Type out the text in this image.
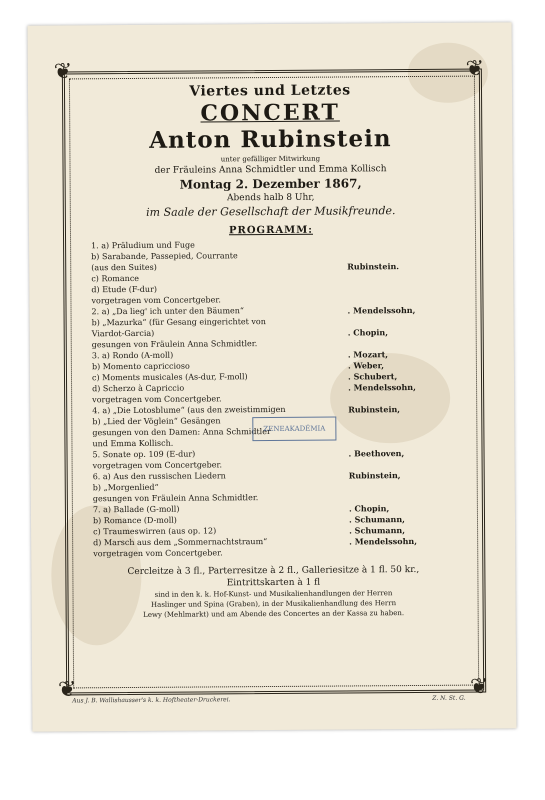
❦	❦
❦	❦
Viertes und Letztes
CONCERT
Anton Rubinstein
unter gefälliger Mitwirkung
der Fräuleins Anna Schmidtler und Emma Kollisch
Montag 2. Dezember 1867,
Abends halb 8 Uhr,
im Saale der Gesellschaft der Musikfreunde.
PROGRAMM:
1. a) Präludium und Fuge
b) Sarabande, Passepied, Courrante
(aus den Suites)	Rubinstein.
c) Romance
d) Etude (F-dur)
vorgetragen vom Concertgeber.
2. a) „Da lieg' ich unter den Bäumen“	. Mendelssohn,
b) „Mazurka“ (für Gesang eingerichtet von
Viardot-Garcia)	. Chopin,
gesungen von Fräulein Anna Schmidtler.
3. a) Rondo (A-moll)	. Mozart,
b) Momento capriccioso	. Weber,
c) Moments musicales (As-dur, F-moll)	. Schubert,
d) Scherzo à Capriccio	. Mendelssohn,
vorgetragen vom Concertgeber.
4. a) „Die Lotosblume“ (aus den zweistimmigen	Rubinstein,
b) „Lied der Vöglein“ Gesängen
gesungen von den Damen: Anna Schmidtler
und Emma Kollisch.
5. Sonate op. 109 (E-dur)	. Beethoven,
vorgetragen vom Concertgeber.
6. a) Aus den russischen Liedern	Rubinstein,
b) „Morgenlied“
gesungen von Fräulein Anna Schmidtler.
7. a) Ballade (G-moll)	. Chopin,
b) Romance (D-moll)	. Schumann,
c) Traumeswirren (aus op. 12)	. Schumann,
d) Marsch aus dem „Sommernachtstraum“	. Mendelssohn,
vorgetragen vom Concertgeber.
Cercleitze à 3 fl., Parterresitze à 2 fl., Galleriesitze à 1 fl. 50 kr.,
Eintrittskarten à 1 fl
sind in den k. k. Hof-Kunst- und Musikalienhandlungen der Herren
Haslinger und Spina (Graben), in der Musikalienhandlung des Herrn
Lewy (Mehlmarkt) und am Abende des Concertes an der Kassa zu haben.
ZENEAKADÉMIA
Aus J. B. Wallishausser's k. k. Hoftheater-Druckerei.	Z. N. St. G.
